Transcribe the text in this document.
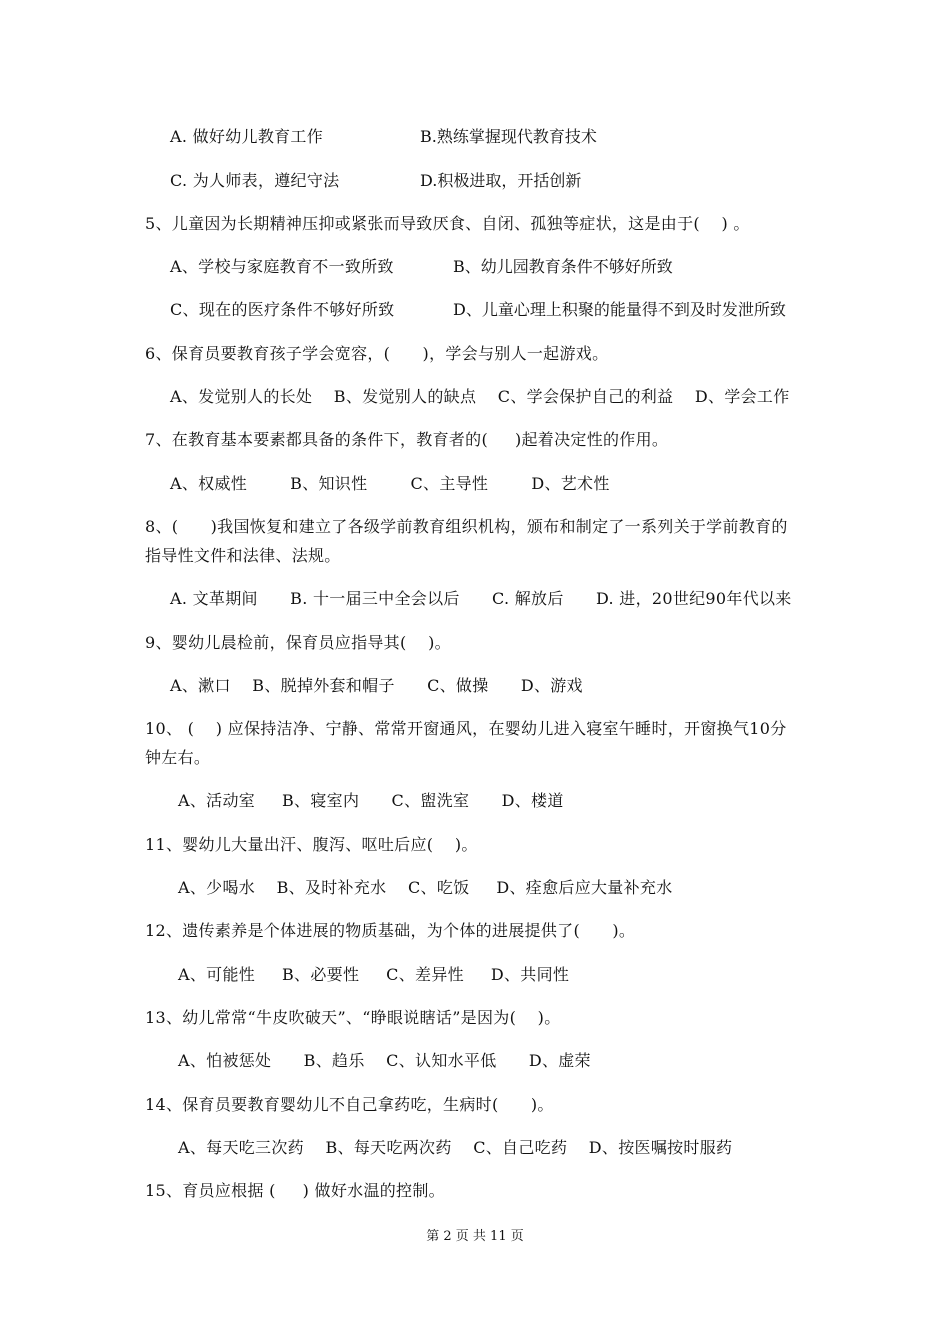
A. 做好幼儿教育工作	B.熟练掌握现代教育技术
C. 为人师表，遵纪守法	D.积极进取，开括创新
5、儿童因为长期精神压抑或紧张而导致厌食、自闭、孤独等症状，这是由于(    ) 。
A、学校与家庭教育不一致所致	B、幼儿园教育条件不够好所致
C、现在的医疗条件不够好所致	D、儿童心理上积聚的能量得不到及时发泄所致
6、保育员要教育孩子学会宽容，(      )，学会与别人一起游戏。
A、发觉别人的长处    B、发觉别人的缺点    C、学会保护自己的利益    D、学会工作
7、在教育基本要素都具备的条件下，教育者的(     )起着决定性的作用。
A、权威性        B、知识性        C、主导性        D、艺术性
8、(      )我国恢复和建立了各级学前教育组织机构，颁布和制定了一系列关于学前教育的
指导性文件和法律、法规。
A. 文革期间      B. 十一届三中全会以后      C. 解放后      D. 进，20世纪90年代以来
9、婴幼儿晨检前，保育员应指导其(    )。
A、漱口    B、脱掉外套和帽子      C、做操      D、游戏
10、 (    ) 应保持洁净、宁静、常常开窗通风，在婴幼儿进入寝室午睡时，开窗换气10分
钟左右。
A、活动室     B、寝室内      C、盥洗室      D、楼道
11、婴幼儿大量出汗、腹泻、呕吐后应(    )。
A、少喝水    B、及时补充水    C、吃饭     D、痊愈后应大量补充水
12、遗传素养是个体进展的物质基础，为个体的进展提供了(      )。
A、可能性     B、必要性     C、差异性     D、共同性
13、幼儿常常“牛皮吹破天”、“睁眼说瞎话”是因为(    )。
A、怕被惩处      B、趋乐    C、认知水平低      D、虚荣
14、保育员要教育婴幼儿不自己拿药吃，生病时(      )。
A、每天吃三次药    B、每天吃两次药    C、自己吃药    D、按医嘱按时服药
15、育员应根据 (     ) 做好水温的控制。
第 2 页 共 11 页
